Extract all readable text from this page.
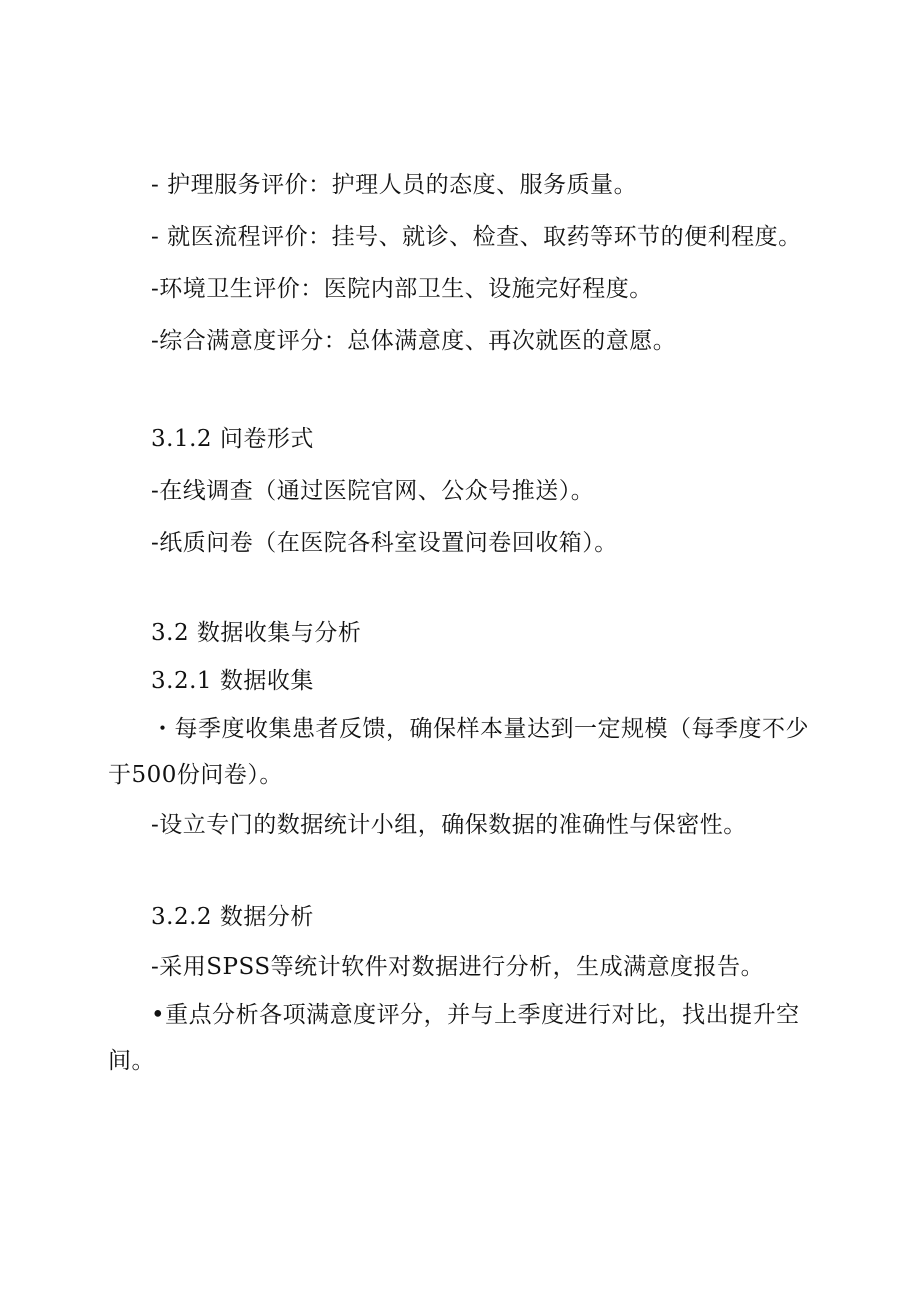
- 护理服务评价：护理人员的态度、服务质量。
- 就医流程评价：挂号、就诊、检查、取药等环节的便利程度。
-环境卫生评价：医院内部卫生、设施完好程度。
-综合满意度评分：总体满意度、再次就医的意愿。
3.1.2 问卷形式
-在线调查（通过医院官网、公众号推送）。
-纸质问卷（在医院各科室设置问卷回收箱）。
3.2 数据收集与分析
3.2.1 数据收集
・每季度收集患者反馈，确保样本量达到一定规模（每季度不少
于500份问卷）。
-设立专门的数据统计小组，确保数据的准确性与保密性。
3.2.2 数据分析
-采用SPSS等统计软件对数据进行分析，生成满意度报告。
•重点分析各项满意度评分，并与上季度进行对比，找出提升空
间。
